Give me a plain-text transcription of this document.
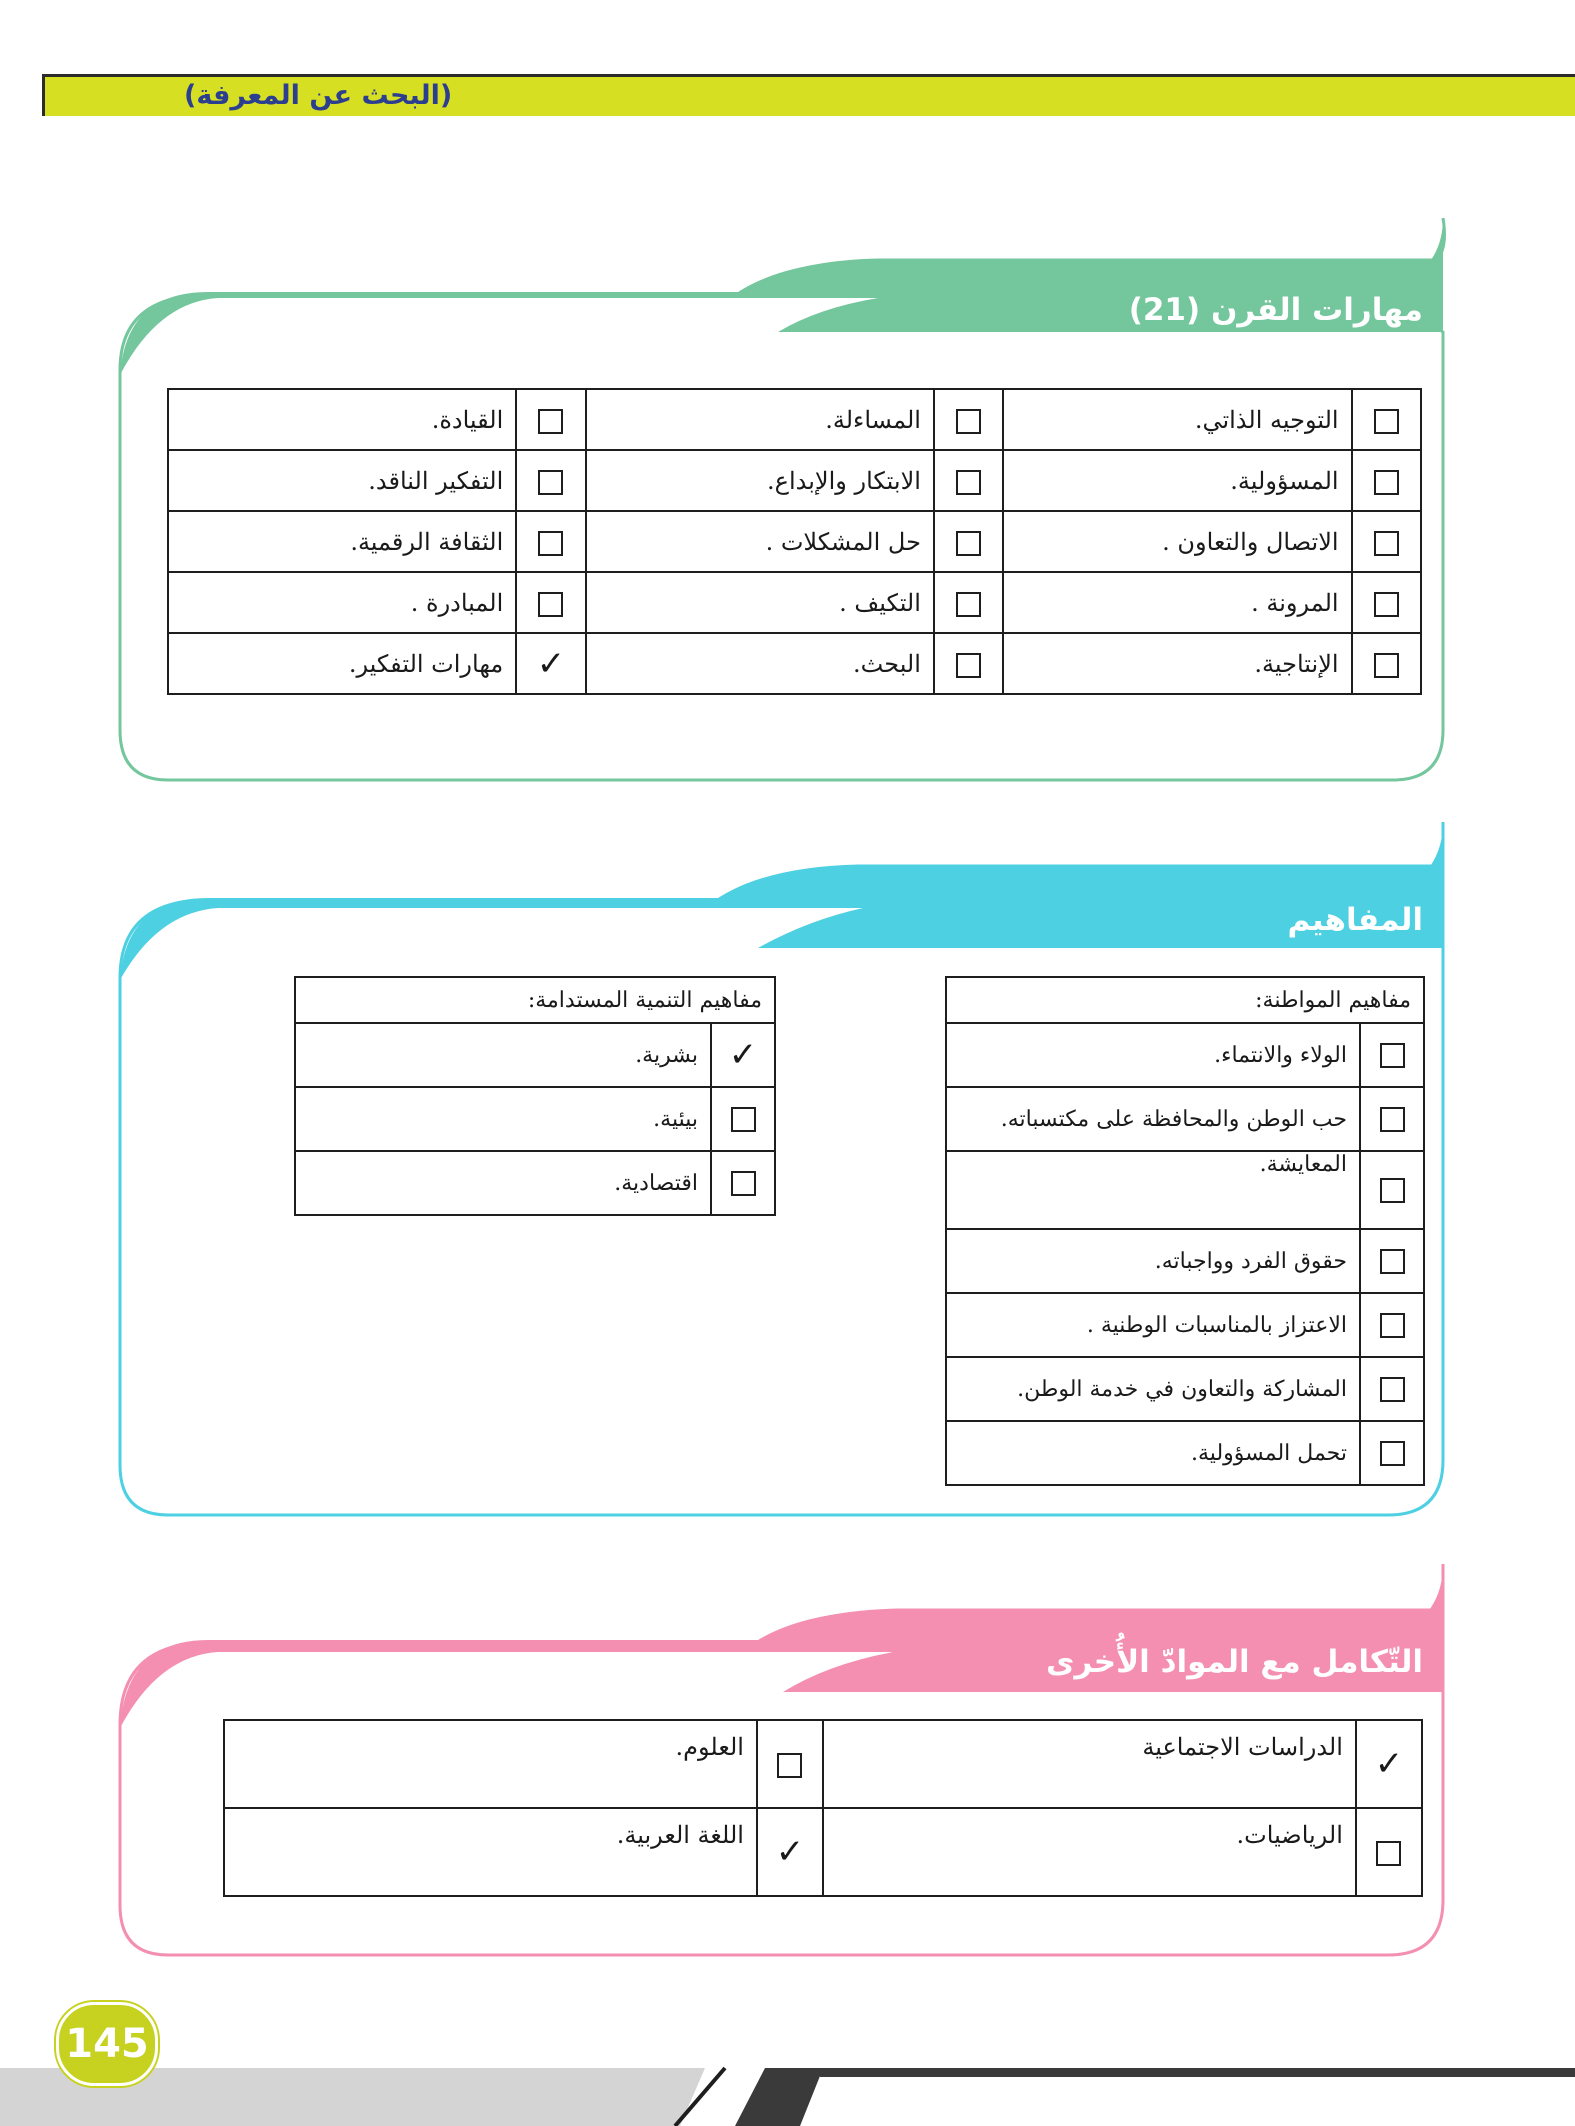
(البحث عن المعرفة)
مهارات القرن (21)
	التوجيه الذاتي.		المساءلة.		القيادة.
	المسؤولية.		الابتكار والإبداع.		التفكير الناقد.
	الاتصال والتعاون .		حل المشكلات .		الثقافة الرقمية.
	المرونة .		التكيف .		المبادرة .
	الإنتاجية.		البحث.	✓	مهارات التفكير.
المفاهيم
مفاهيم المواطنة:	
	الولاء والانتماء.
	حب الوطن والمحافظة على مكتسباته.
	المعايشة.
	حقوق الفرد وواجباته.
	الاعتزاز بالمناسبات الوطنية .
	المشاركة والتعاون في خدمة الوطن.
	تحمل المسؤولية.
مفاهيم التنمية المستدامة:	
✓	بشرية.
	بيئية.
	اقتصادية.
التّكامل مع الموادّ الأُخرى
✓	الدراسات الاجتماعية		العلوم.
	الرياضيات.	✓	اللغة العربية.
145
